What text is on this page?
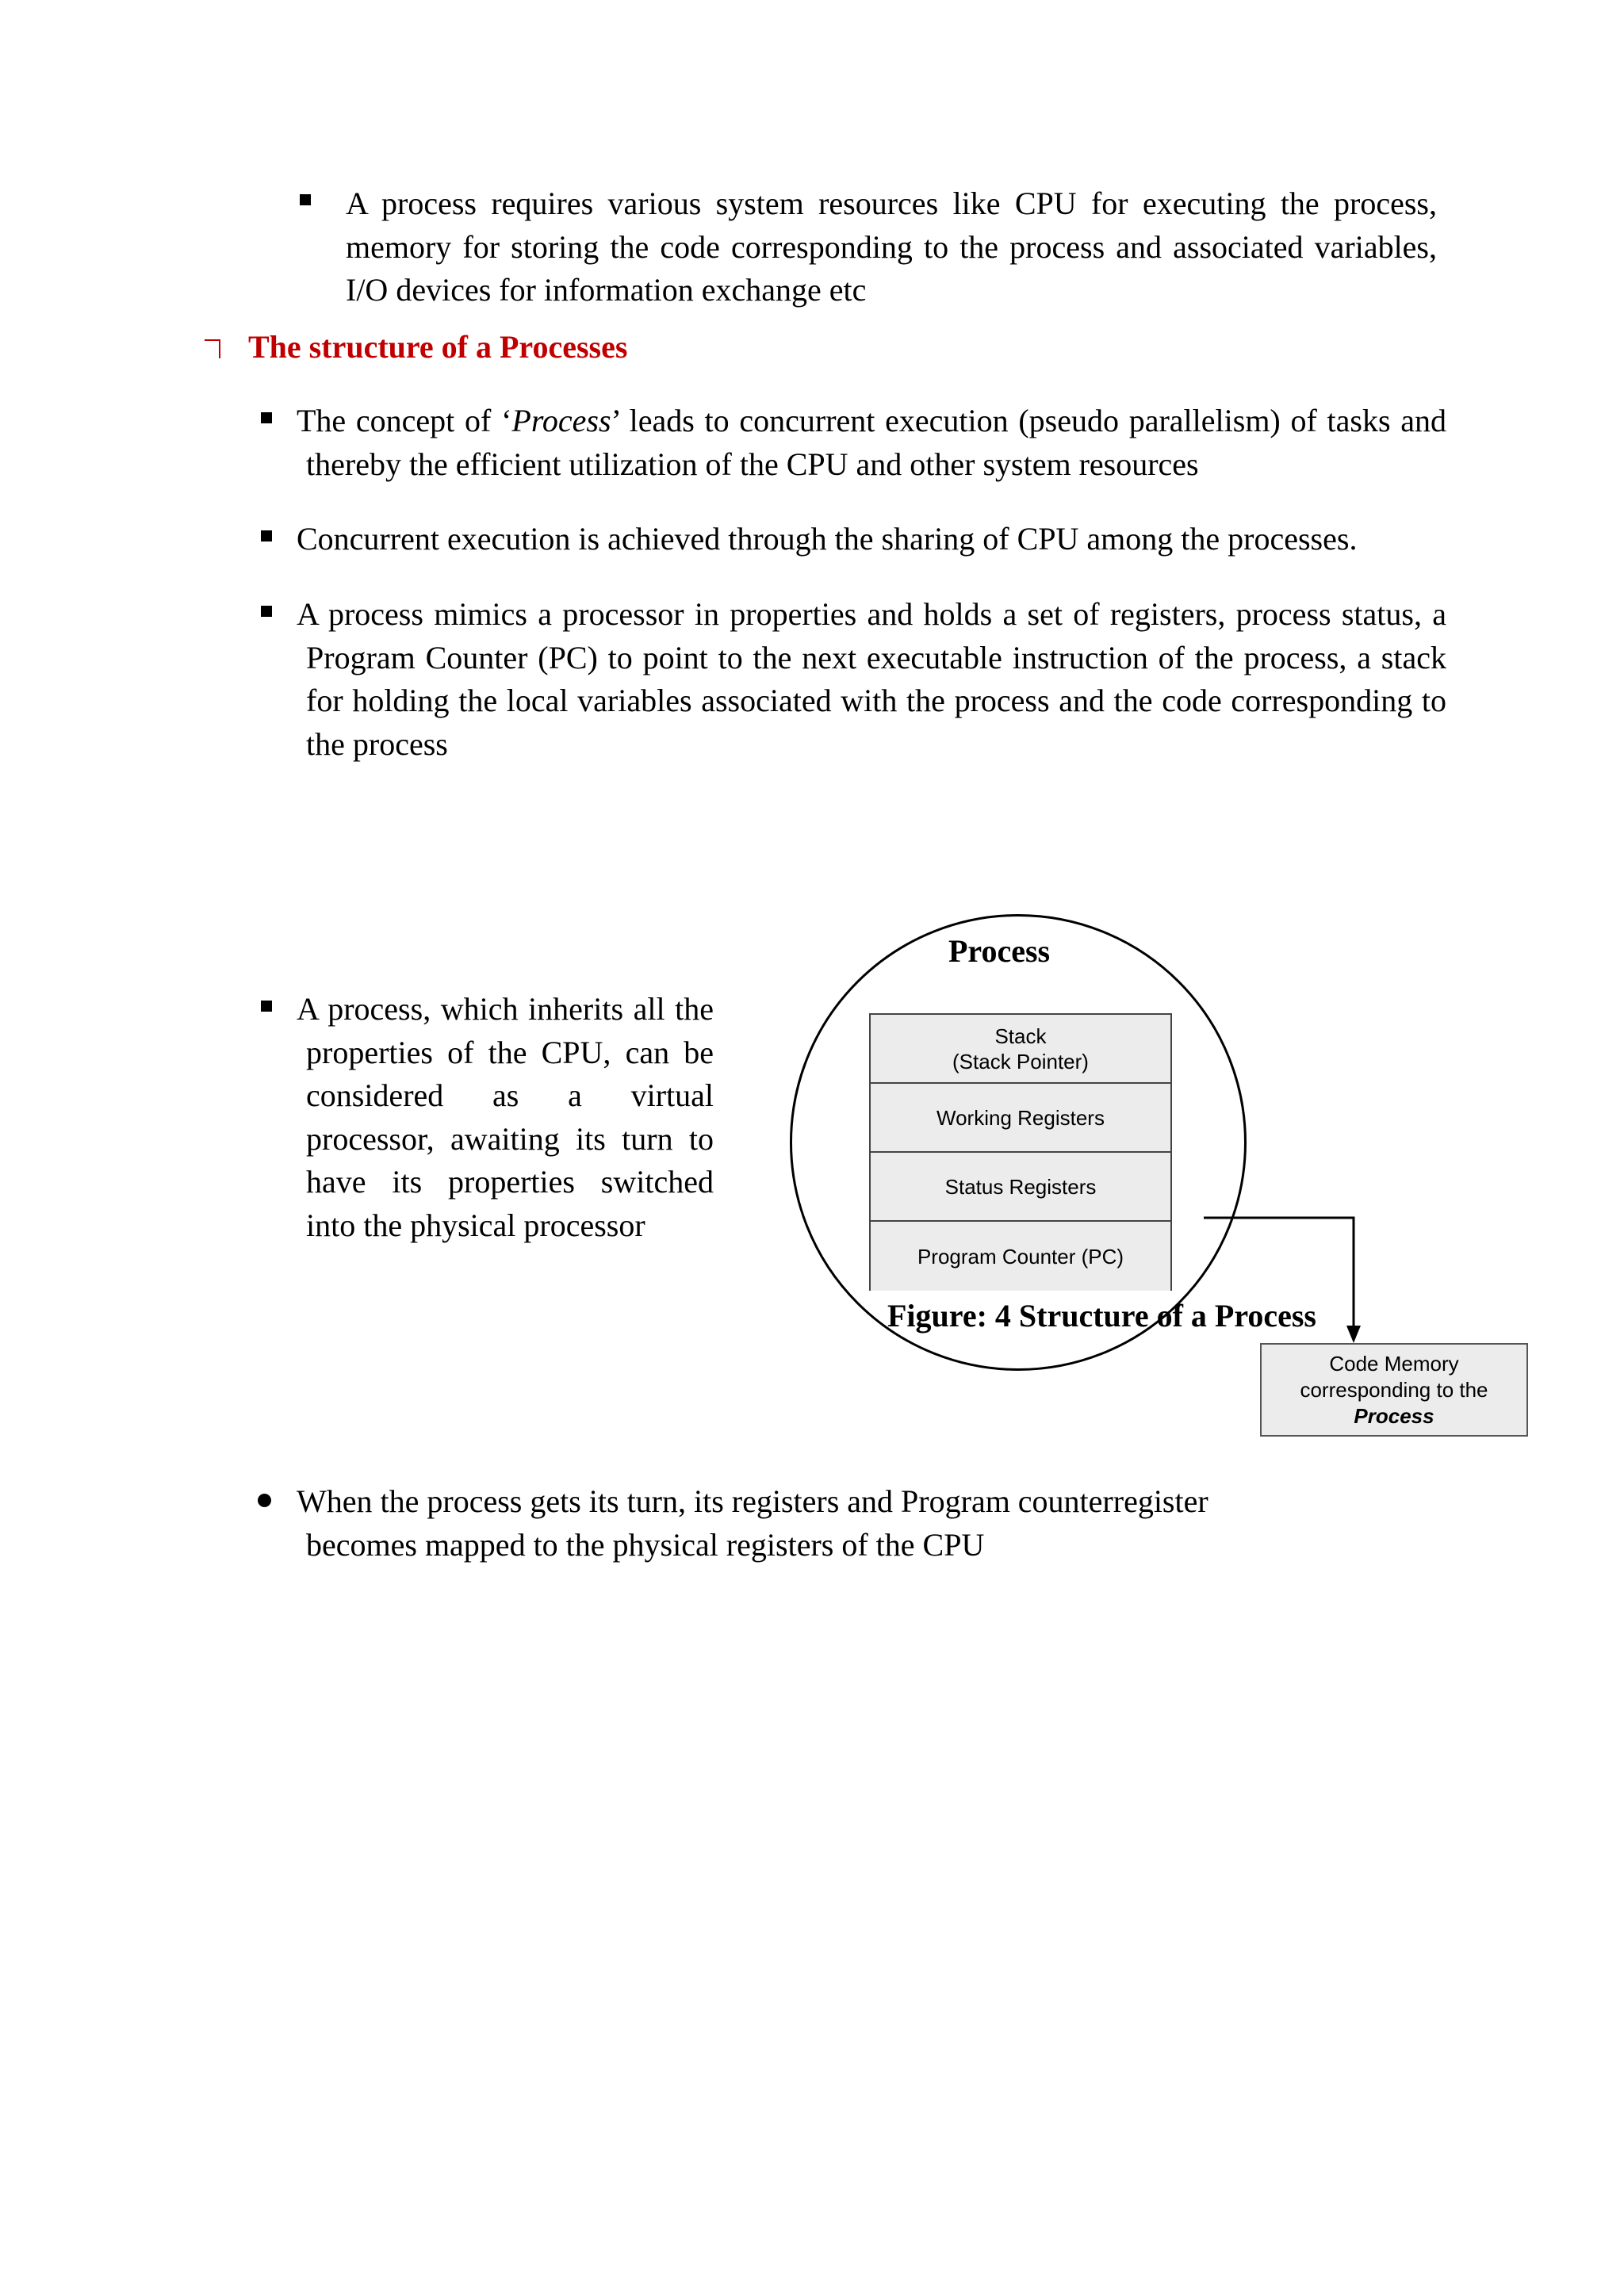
A process requires various system resources like CPU for executing the process, memory for storing the code corresponding to the process and associated variables, I/O devices for information exchange etc
The structure of a Processes
The concept of ‘Process’ leads to concurrent execution (pseudo parallelism) of tasks and thereby the efficient utilization of the CPU and other system resources
Concurrent execution is achieved through the sharing of CPU among the processes.
A process mimics a processor in properties and holds a set of registers, process status, a Program Counter (PC) to point to the next executable instruction of the process, a stack for holding the local variables associated with the process and the code corresponding to the process
A process, which inherits all the properties of the CPU, can be considered as a virtual processor, awaiting its turn to have its properties switched into the physical processor
Process
Stack
(Stack Pointer)
Working Registers
Status Registers
Program Counter (PC)
Figure: 4 Structure of a Process
Code Memory
corresponding to the
Process
When the process gets its turn, its registers and Program counterregister becomes mapped to the physical registers of the CPU
